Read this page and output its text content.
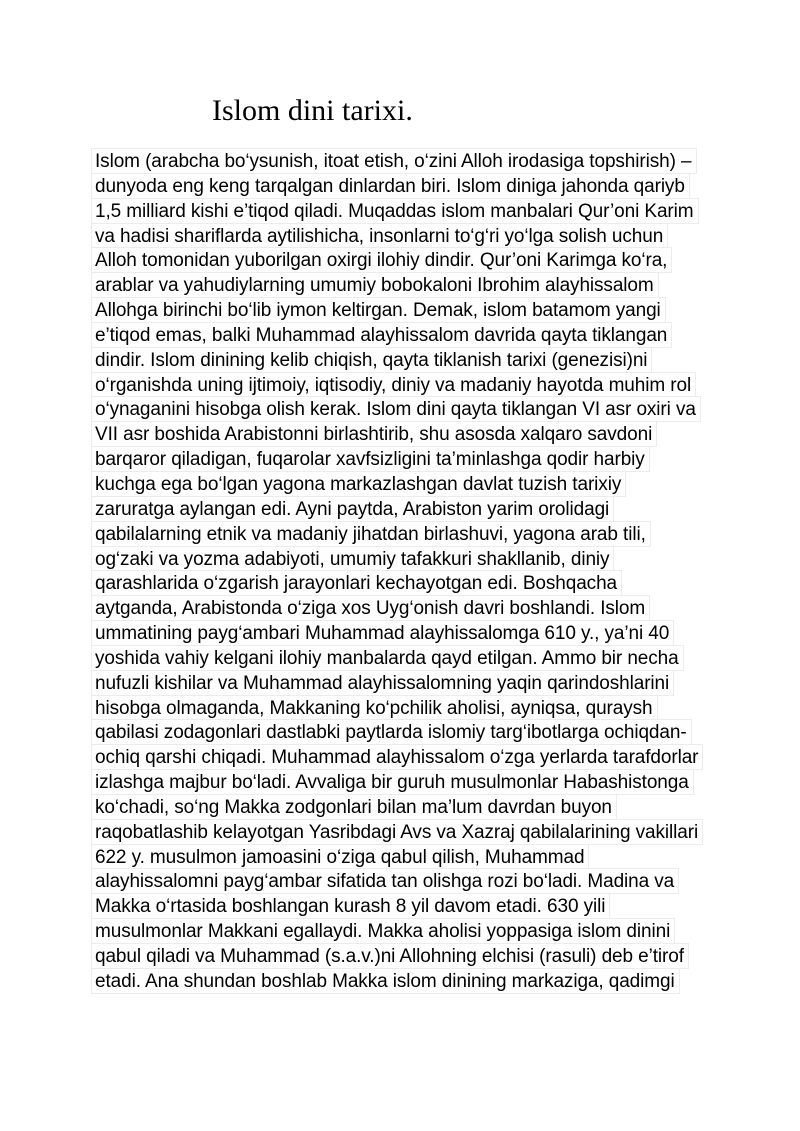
Islom dini tarixi.
Islom (arabcha bo‘ysunish, itoat etish, o‘zini Alloh irodasiga topshirish) –
dunyoda eng keng tarqalgan dinlardan biri. Islom diniga jahonda qariyb
1,5 milliard kishi e’tiqod qiladi. Muqaddas islom manbalari Qur’oni Karim
va hadisi shariflarda aytilishicha, insonlarni to‘g‘ri yo‘lga solish uchun
Alloh tomonidan yuborilgan oxirgi ilohiy dindir. Qur’oni Karimga ko‘ra,
arablar va yahudiylarning umumiy bobokaloni Ibrohim alayhissalom
Allohga birinchi bo‘lib iymon keltirgan. Demak, islom batamom yangi
e’tiqod emas, balki Muhammad alayhissalom davrida qayta tiklangan
dindir. Islom dinining kelib chiqish, qayta tiklanish tarixi (genezisi)ni
o‘rganishda uning ijtimoiy, iqtisodiy, diniy va madaniy hayotda muhim rol
o‘ynaganini hisobga olish kerak. Islom dini qayta tiklangan VI asr oxiri va
VII asr boshida Arabistonni birlashtirib, shu asosda xalqaro savdoni
barqaror qiladigan, fuqarolar xavfsizligini ta’minlashga qodir harbiy
kuchga ega bo‘lgan yagona markazlashgan davlat tuzish tarixiy
zaruratga aylangan edi. Ayni paytda, Arabiston yarim orolidagi
qabilalarning etnik va madaniy jihatdan birlashuvi, yagona arab tili,
og‘zaki va yozma adabiyoti, umumiy tafakkuri shakllanib, diniy
qarashlarida o‘zgarish jarayonlari kechayotgan edi. Boshqacha
aytganda, Arabistonda o‘ziga xos Uyg‘onish davri boshlandi. Islom
ummatining payg‘ambari Muhammad alayhissalomga 610 y., ya’ni 40
yoshida vahiy kelgani ilohiy manbalarda qayd etilgan. Ammo bir necha
nufuzli kishilar va Muhammad alayhissalomning yaqin qarindoshlarini
hisobga olmaganda, Makkaning ko‘pchilik aholisi, ayniqsa, quraysh
qabilasi zodagonlari dastlabki paytlarda islomiy targ‘ibotlarga ochiqdan-
ochiq qarshi chiqadi. Muhammad alayhissalom o‘zga yerlarda tarafdorlar
izlashga majbur bo‘ladi. Avvaliga bir guruh musulmonlar Habashistonga
ko‘chadi, so‘ng Makka zodgonlari bilan ma’lum davrdan buyon
raqobatlashib kelayotgan Yasribdagi Avs va Xazraj qabilalarining vakillari
622 y. musulmon jamoasini o‘ziga qabul qilish, Muhammad
alayhissalomni payg‘ambar sifatida tan olishga rozi bo‘ladi. Madina va
Makka o‘rtasida boshlangan kurash 8 yil davom etadi. 630 yili
musulmonlar Makkani egallaydi. Makka aholisi yoppasiga islom dinini
qabul qiladi va Muhammad (s.a.v.)ni Allohning elchisi (rasuli) deb e’tirof
etadi. Ana shundan boshlab Makka islom dinining markaziga, qadimgi
